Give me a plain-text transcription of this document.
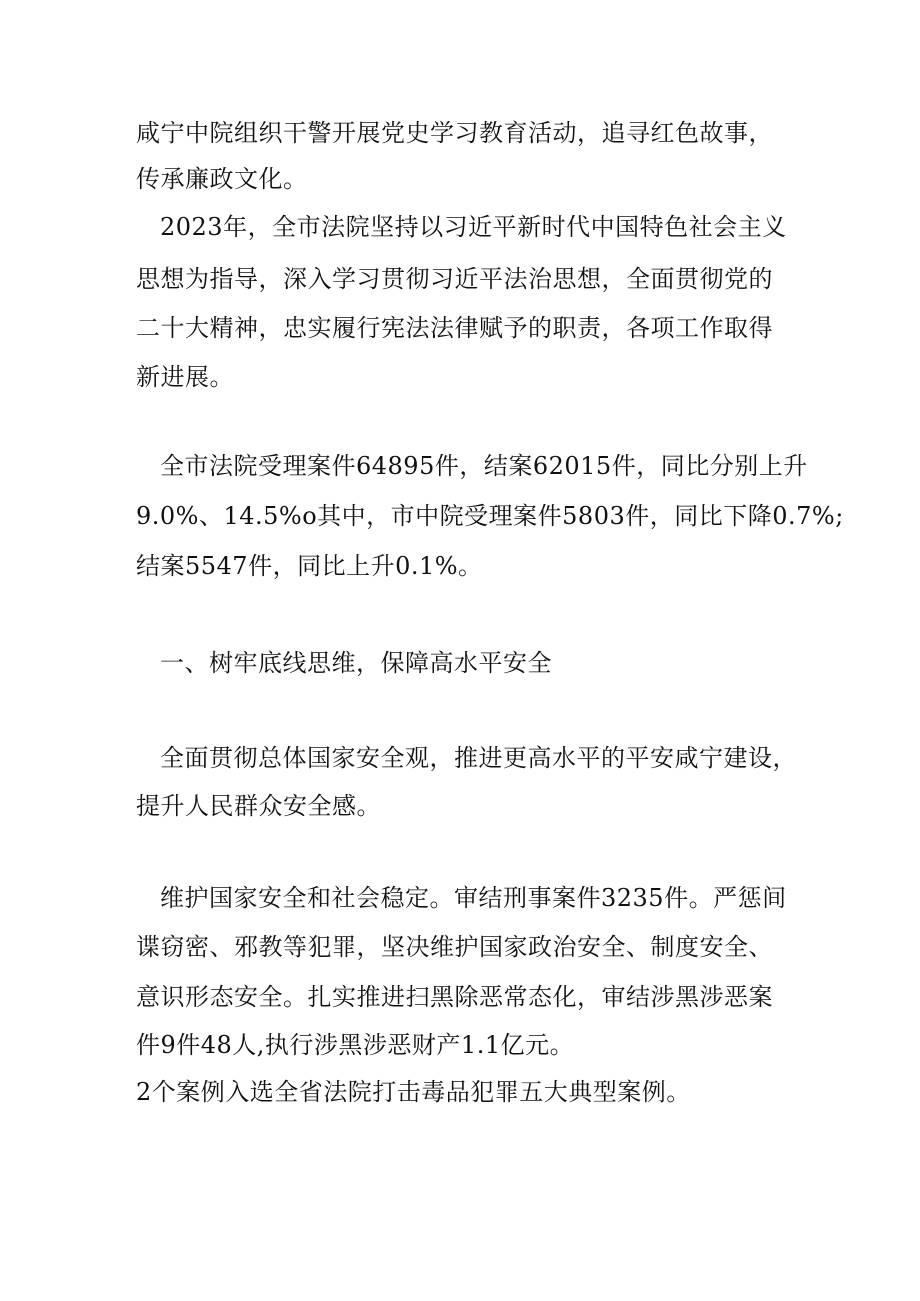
咸宁中院组织干警开展党史学习教育活动，追寻红色故事，
传承廉政文化。
2023年，全市法院坚持以习近平新时代中国特色社会主义
思想为指导，深入学习贯彻习近平法治思想，全面贯彻党的
二十大精神，忠实履行宪法法律赋予的职责，各项工作取得
新进展。
全市法院受理案件64895件，结案62015件，同比分别上升
9.0%、14.5%o其中，市中院受理案件5803件，同比下降0.7%;
结案5547件，同比上升0.1%。
一、树牢底线思维，保障高水平安全
全面贯彻总体国家安全观，推进更高水平的平安咸宁建设，
提升人民群众安全感。
维护国家安全和社会稳定。审结刑事案件3235件。严惩间
谍窃密、邪教等犯罪，坚决维护国家政治安全、制度安全、
意识形态安全。扎实推进扫黑除恶常态化，审结涉黑涉恶案
件9件48人,执行涉黑涉恶财产1.1亿元。
2个案例入选全省法院打击毒品犯罪五大典型案例。
